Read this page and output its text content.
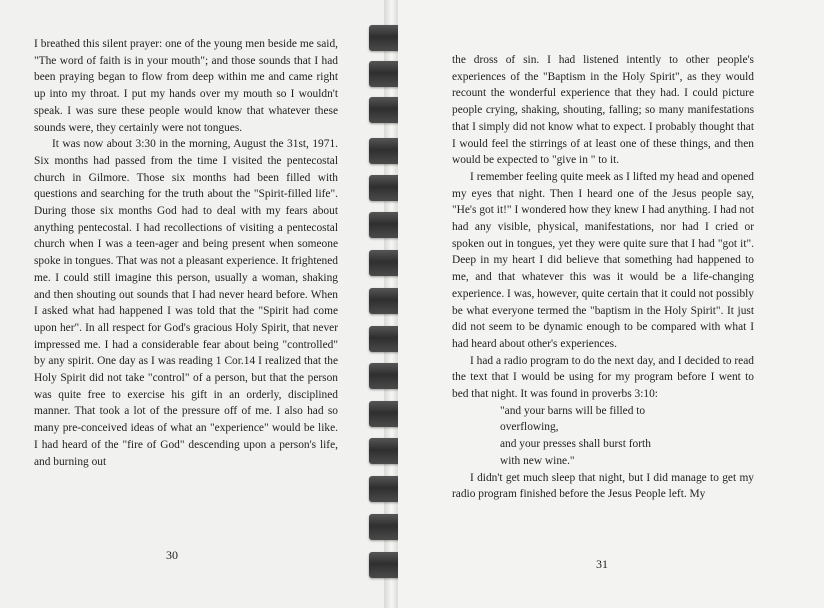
I breathed this silent prayer: one of the young men beside me said, "The word of faith is in your mouth"; and those sounds that I had been praying began to flow from deep within me and came right up into my throat. I put my hands over my mouth so I wouldn't speak. I was sure these people would know that whatever these sounds were, they certainly were not tongues.

It was now about 3:30 in the morning, August the 31st, 1971. Six months had passed from the time I visited the pentecostal church in Gilmore. Those six months had been filled with questions and searching for the truth about the "Spirit-filled life". During those six months God had to deal with my fears about anything pentecostal. I had recollections of visiting a pentecostal church when I was a teen-ager and being present when someone spoke in tongues. That was not a pleasant experience. It frightened me. I could still imagine this person, usually a woman, shaking and then shouting out sounds that I had never heard before. When I asked what had happened I was told that the "Spirit had come upon her". In all respect for God's gracious Holy Spirit, that never impressed me. I had a considerable fear about being "controlled" by any spirit. One day as I was reading 1 Cor.14 I realized that the Holy Spirit did not take "control" of a person, but that the person was quite free to exercise his gift in an orderly, disciplined manner. That took a lot of the pressure off of me. I also had so many pre-conceived ideas of what an "experience" would be like. I had heard of the "fire of God" descending upon a person's life, and burning out

30

the dross of sin. I had listened intently to other people's experiences of the "Baptism in the Holy Spirit", as they would recount the wonderful experience that they had. I could picture people crying, shaking, shouting, falling; so many manifestations that I simply did not know what to expect. I probably thought that I would feel the stirrings of at least one of these things, and then would be expected to "give in " to it.

I remember feeling quite meek as I lifted my head and opened my eyes that night. Then I heard one of the Jesus people say, "He's got it!" I wondered how they knew I had anything. I had not had any visible, physical, manifestations, nor had I cried or spoken out in tongues, yet they were quite sure that I had "got it". Deep in my heart I did believe that something had happened to me, and that whatever this was it would be a life-changing experience. I was, however, quite certain that it could not possibly be what everyone termed the "baptism in the Holy Spirit". It just did not seem to be dynamic enough to be compared with what I had heard about other's experiences.

I had a radio program to do the next day, and I decided to read the text that I would be using for my program before I went to bed that night. It was found in proverbs 3:10:

"and your barns will be filled to

overflowing,

and your presses shall burst forth

with new wine."

I didn't get much sleep that night, but I did manage to get my radio program finished before the Jesus People left. My

31
